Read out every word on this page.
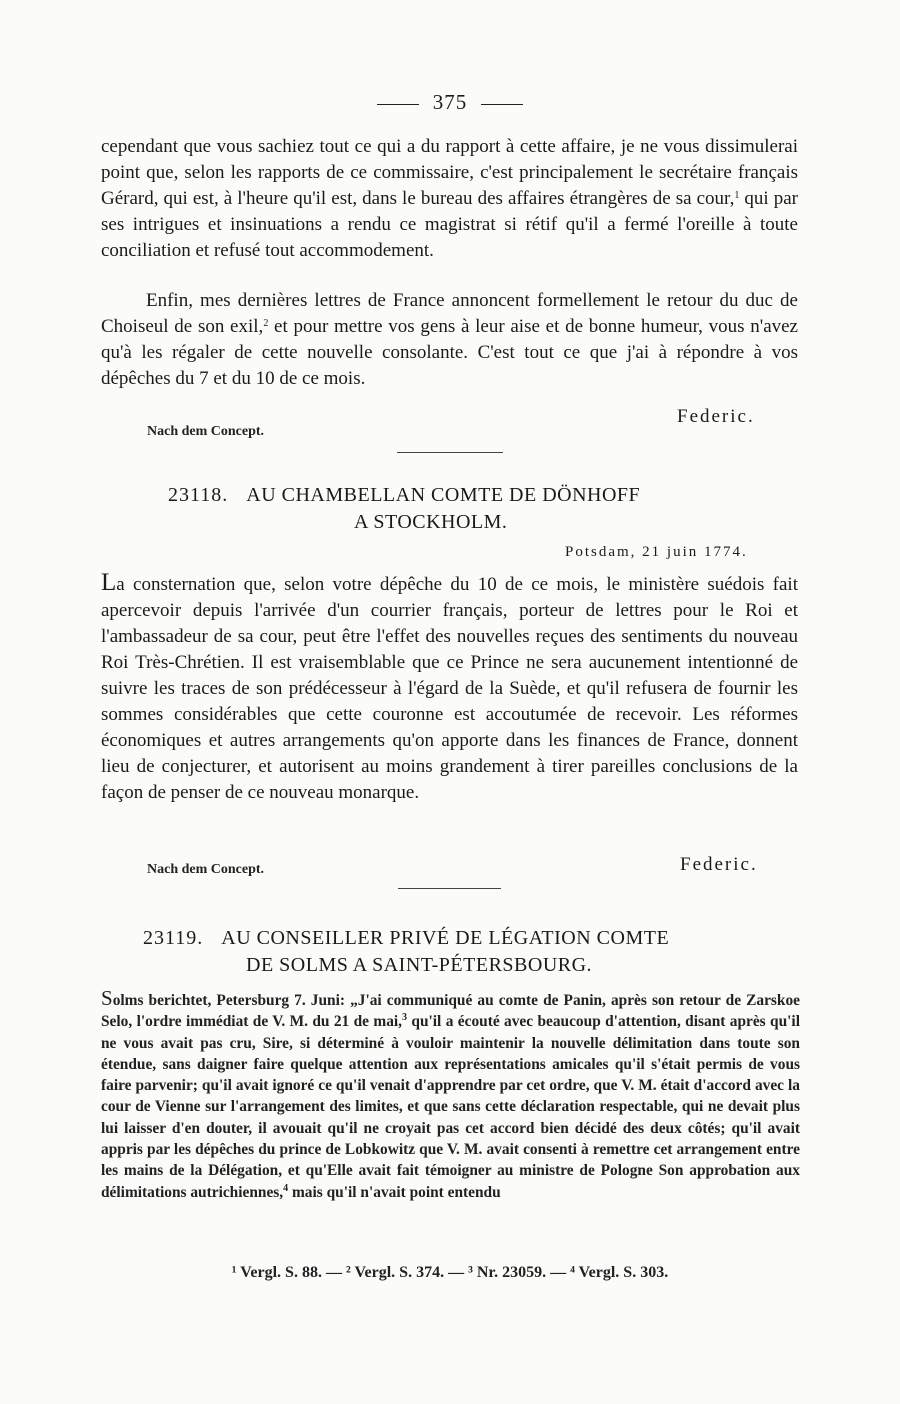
375

cependant que vous sachiez tout ce qui a du rapport à cette affaire, je ne vous dissimulerai point que, selon les rapports de ce commissaire, c'est principalement le secrétaire français Gérard, qui est, à l'heure qu'il est, dans le bureau des affaires étrangères de sa cour,$^1$ qui par ses intrigues et insinuations a rendu ce magistrat si rétif qu'il a fermé l'oreille à toute conciliation et refusé tout accommodement.

Enfin, mes dernières lettres de France annoncent formellement le retour du duc de Choiseul de son exil,$^2$ et pour mettre vos gens à leur aise et de bonne humeur, vous n'avez qu'à les régaler de cette nouvelle consolante. C'est tout ce que j'ai à répondre à vos dépêches du 7 et du 10 de ce mois.

Nach dem Concept.
Federic.
23118. AU CHAMBELLAN COMTE DE DÖNHOFF
A STOCKHOLM.
Potsdam, 21 juin 1774.

La consternation que, selon votre dépêche du 10 de ce mois, le ministère suédois fait apercevoir depuis l'arrivée d'un courrier français, porteur de lettres pour le Roi et l'ambassadeur de sa cour, peut être l'effet des nouvelles reçues des sentiments du nouveau Roi Très-Chrétien. Il est vraisemblable que ce Prince ne sera aucunement intentionné de suivre les traces de son prédécesseur à l'égard de la Suède, et qu'il refusera de fournir les sommes considérables que cette couronne est accoutumée de recevoir. Les réformes économiques et autres arrangements qu'on apporte dans les finances de France, donnent lieu de conjecturer, et autorisent au moins grandement à tirer pareilles conclusions de la façon de penser de ce nouveau monarque.

Nach dem Concept.	Federic.
23119. AU CONSEILLER PRIVÉ DE LÉGATION COMTE
DE SOLMS A SAINT-PÉTERSBOURG.

Solms berichtet, Petersburg 7. Juni: „J'ai communiqué au comte de Panin, après son retour de Zarskoe Selo, l'ordre immédiat de V. M. du 21 de mai,$^3$ qu'il a écouté avec beaucoup d'attention, disant après qu'il ne vous avait pas cru, Sire, si déterminé à vouloir maintenir la nouvelle délimitation dans toute son étendue, sans daigner faire quelque attention aux représentations amicales qu'il s'était permis de vous faire parvenir; qu'il avait ignoré ce qu'il venait d'apprendre par cet ordre, que V. M. était d'accord avec la cour de Vienne sur l'arrangement des limites, et que sans cette déclaration respectable, qui ne devait plus lui laisser d'en douter, il avouait qu'il ne croyait pas cet accord bien décidé des deux côtés; qu'il avait appris par les dépêches du prince de Lobkowitz que V. M. avait consenti à remettre cet arrangement entre les mains de la Délégation, et qu'Elle avait fait témoigner au ministre de Pologne Son approbation aux délimitations autrichiennes,$^4$ mais qu'il n'avait point entendu

¹ Vergl. S. 88. — ² Vergl. S. 374. — ³ Nr. 23059. — ⁴ Vergl. S. 303.
